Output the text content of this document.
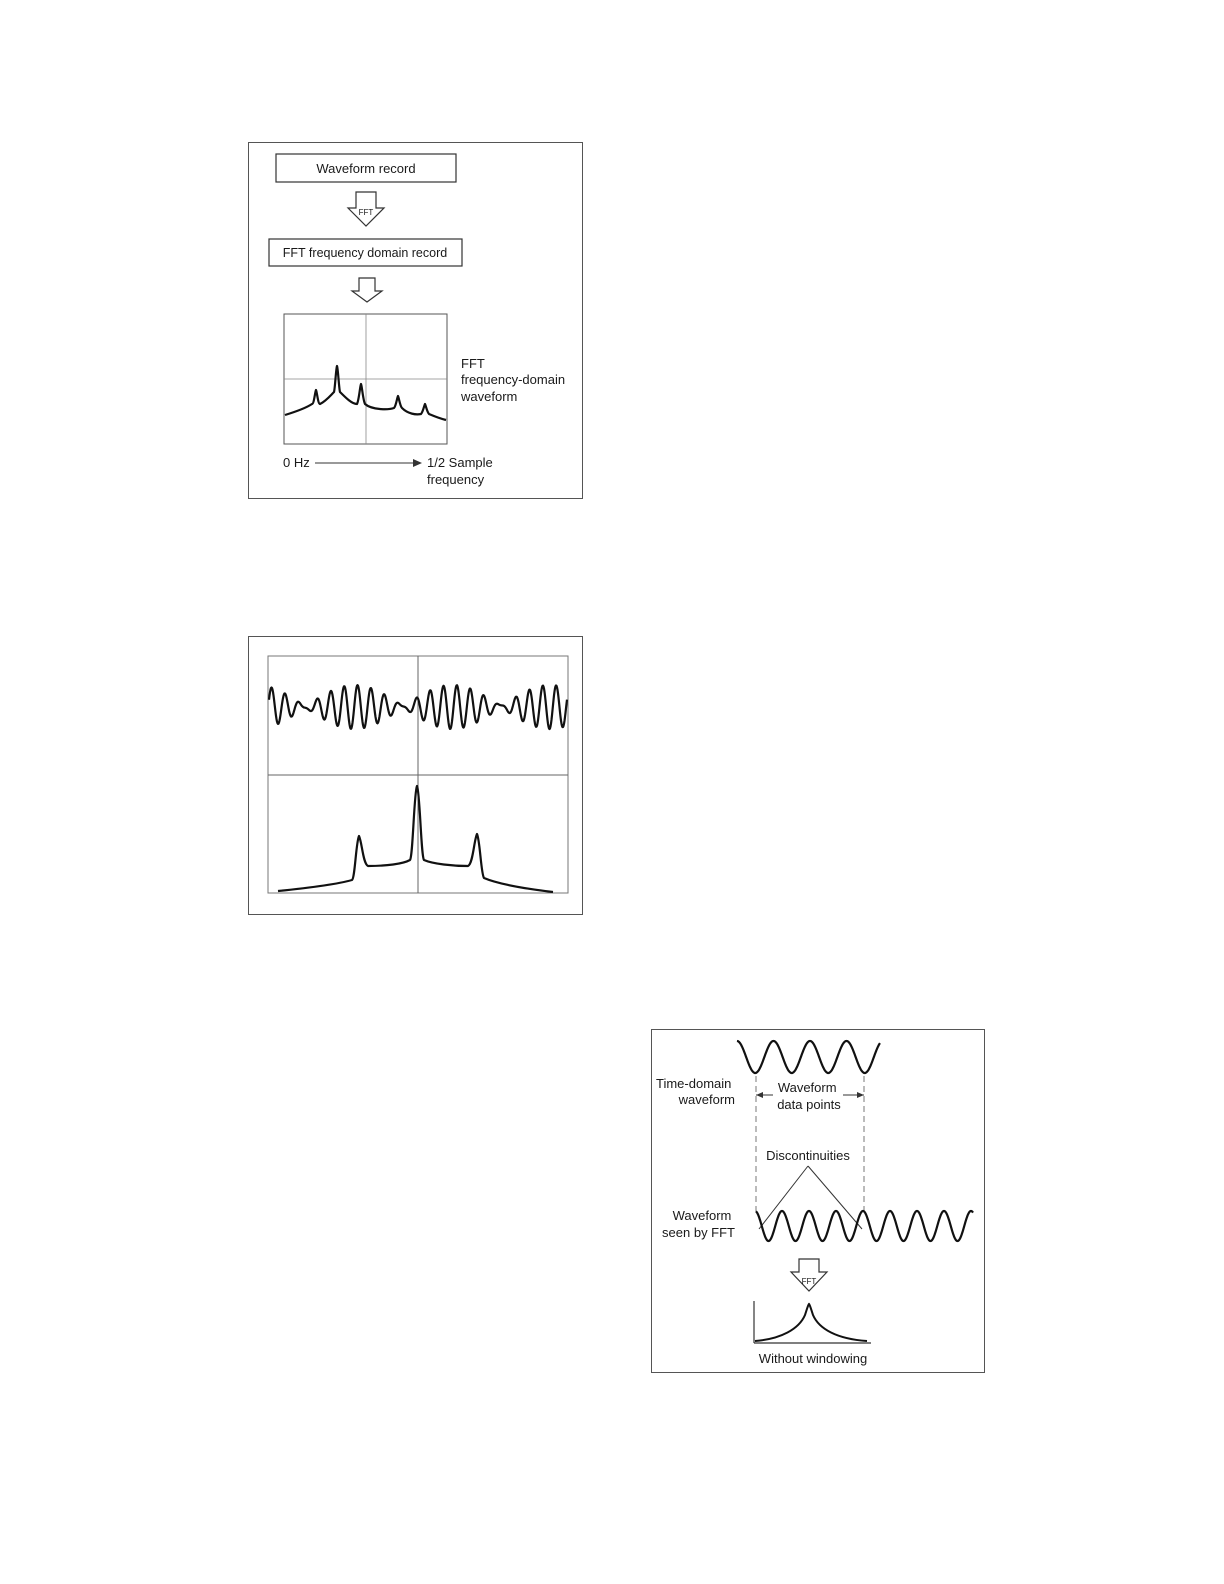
Waveform record
FFT
FFT frequency domain record
FFT frequency-domain waveform
0 Hz	1/2 Sample frequency
Time-domain waveform
Waveform data points
Discontinuities
Waveform seen by FFT
FFT
Without windowing
